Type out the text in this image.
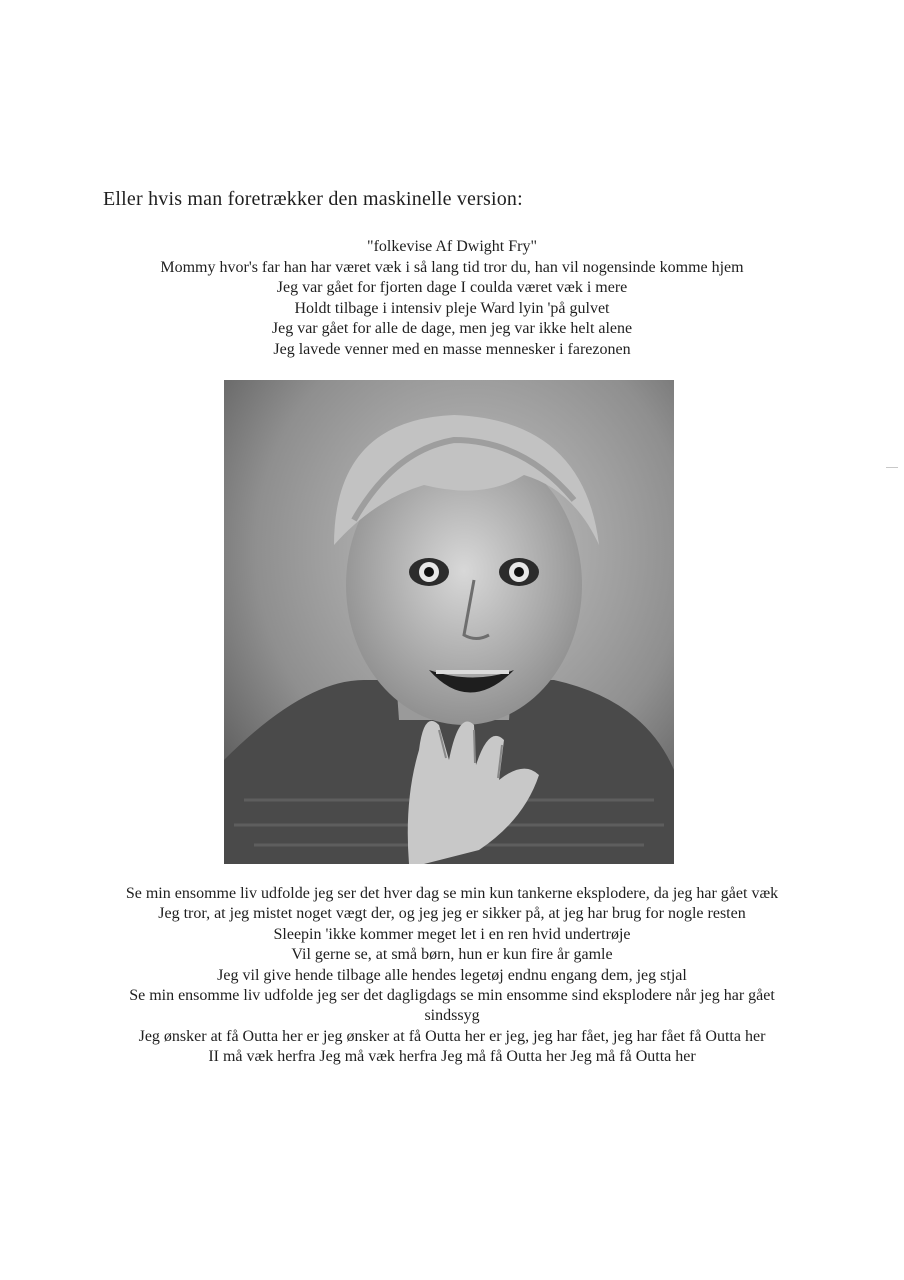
Eller hvis man foretrækker den maskinelle version:
"folkevise Af Dwight Fry"
Mommy hvor's far han har været væk i så lang tid tror du, han vil nogensinde komme hjem
Jeg var gået for fjorten dage I coulda været væk i mere
Holdt tilbage i intensiv pleje Ward lyin 'på gulvet
Jeg var gået for alle de dage, men jeg var ikke helt alene
Jeg lavede venner med en masse mennesker i farezonen
Se min ensomme liv udfolde jeg ser det hver dag se min kun tankerne eksplodere, da jeg har gået væk
Jeg tror, at jeg mistet noget vægt der, og jeg jeg er sikker på, at jeg har brug for nogle resten
Sleepin 'ikke kommer meget let i en ren hvid undertrøje
Vil gerne se, at små børn, hun er kun fire år gamle
Jeg vil give hende tilbage alle hendes legetøj endnu engang dem, jeg stjal
Se min ensomme liv udfolde jeg ser det dagligdags se min ensomme sind eksplodere når jeg har gået sindssyg
Jeg ønsker at få Outta her er jeg ønsker at få Outta her er jeg, jeg har fået, jeg har fået få Outta her
II må væk herfra Jeg må væk herfra Jeg må få Outta her Jeg må få Outta her
